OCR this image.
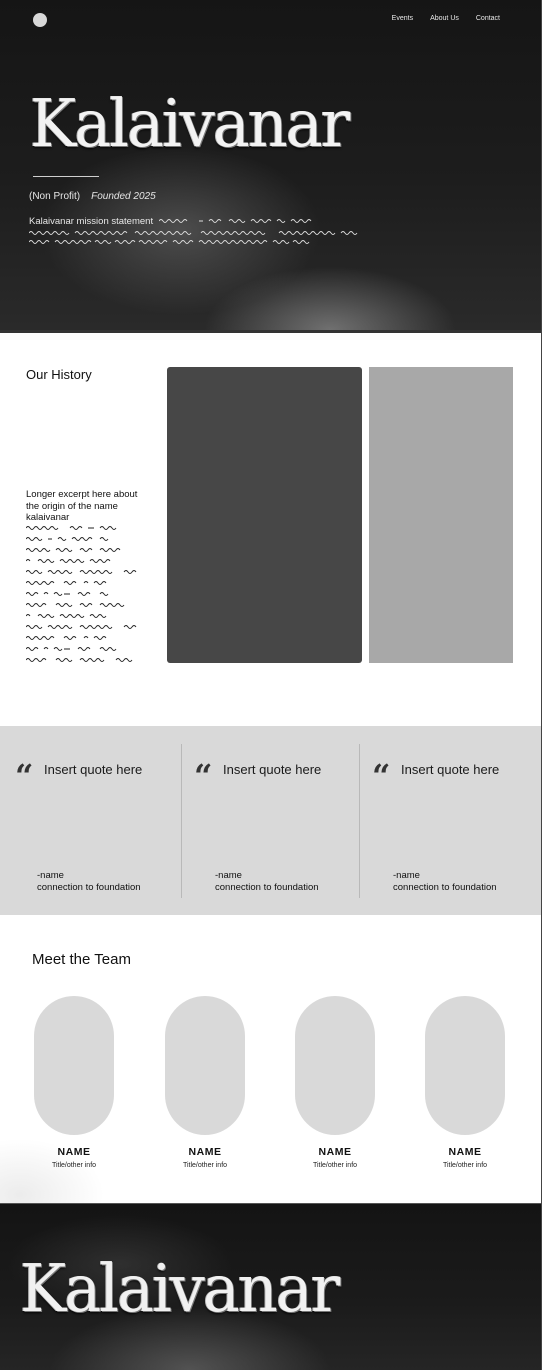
Events About Us Contact
Kalaivanar
(Non Profit) Founded 2025
Kalaivanar mission statement
Our History

Longer excerpt here about the origin of the name kalaivanar

“ Insert quote here
-name
connection to foundation
“ Insert quote here
-name
connection to foundation
“ Insert quote here
-name
connection to foundation
Meet the Team
NAME
Title/other info
NAME
Title/other info
NAME
Title/other info
NAME
Title/other info
Kalaivanar
